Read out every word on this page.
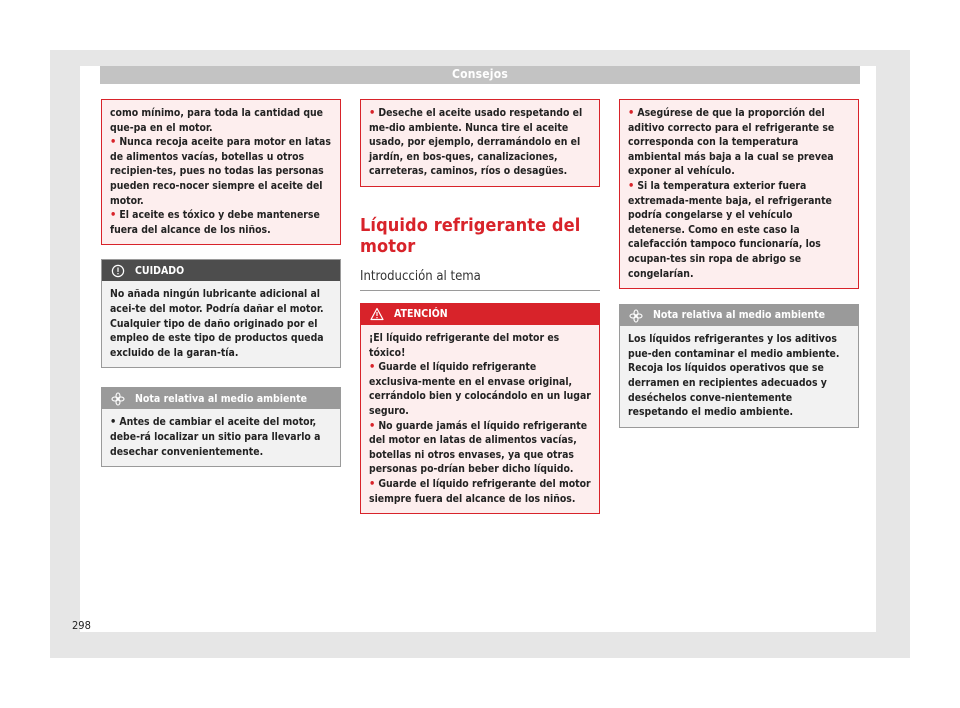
Consejos

como mínimo, para toda la cantidad que que-pa en el motor.

• Nunca recoja aceite para motor en latas de alimentos vacías, botellas u otros recipien-tes, pues no todas las personas pueden reco-nocer siempre el aceite del motor.

• El aceite es tóxico y debe mantenerse fuera del alcance de los niños.

CUIDADO

No añada ningún lubricante adicional al acei-te del motor. Podría dañar el motor. Cualquier tipo de daño originado por el empleo de este tipo de productos queda excluido de la garan-tía.

Nota relativa al medio ambiente

• Antes de cambiar el aceite del motor, debe-rá localizar un sitio para llevarlo a desechar convenientemente.

• Deseche el aceite usado respetando el me-dio ambiente. Nunca tire el aceite usado, por ejemplo, derramándolo en el jardín, en bos-ques, canalizaciones, carreteras, caminos, ríos o desagües.

Líquido refrigerante del motor

Introducción al tema

ATENCIÓN

¡El líquido refrigerante del motor es tóxico!

• Guarde el líquido refrigerante exclusiva-mente en el envase original, cerrándolo bien y colocándolo en un lugar seguro.

• No guarde jamás el líquido refrigerante del motor en latas de alimentos vacías, botellas ni otros envases, ya que otras personas po-drían beber dicho líquido.

• Guarde el líquido refrigerante del motor siempre fuera del alcance de los niños.

• Asegúrese de que la proporción del aditivo correcto para el refrigerante se corresponda con la temperatura ambiental más baja a la cual se prevea exponer al vehículo.

• Si la temperatura exterior fuera extremada-mente baja, el refrigerante podría congelarse y el vehículo detenerse. Como en este caso la calefacción tampoco funcionaría, los ocupan-tes sin ropa de abrigo se congelarían.

Nota relativa al medio ambiente

Los líquidos refrigerantes y los aditivos pue-den contaminar el medio ambiente. Recoja los líquidos operativos que se derramen en recipientes adecuados y deséchelos conve-nientemente respetando el medio ambiente.

298
